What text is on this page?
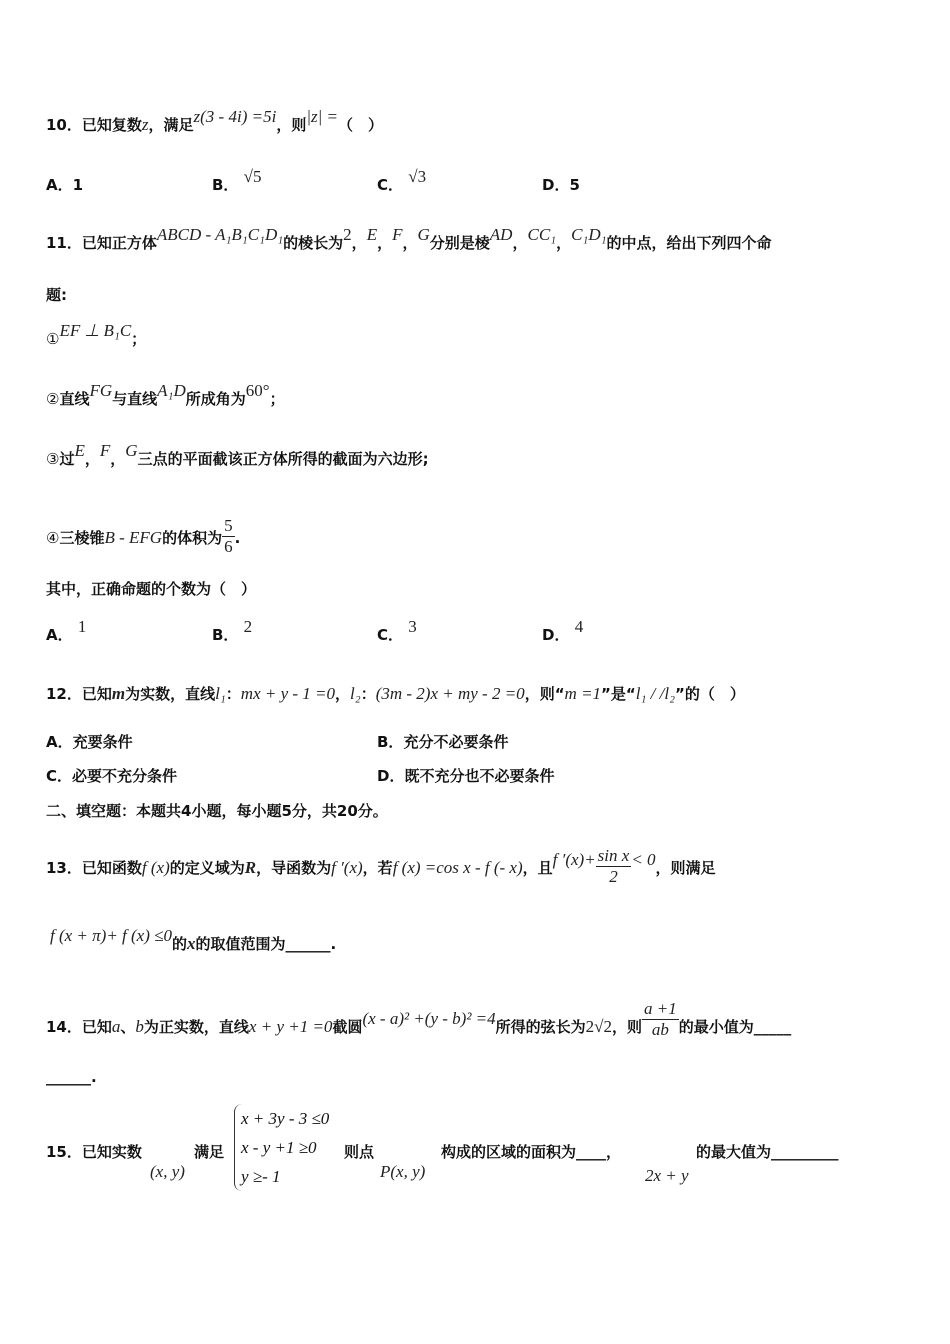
10．已知复数z，满足z(3 - 4i) =5i，则|z| =（　）
A．1	B． √5	C． √3	D．5
11．已知正方体ABCD - A₁B₁C₁D₁的棱长为2，E，F，G分别是棱AD，CC₁，C₁D₁的中点，给出下列四个命
题:
①EF ⊥ B₁C；
②直线FG与直线A₁D所成角为60°；
③过E，F，G三点的平面截该正方体所得的截面为六边形;
④三棱锥B - EFG的体积为 $\frac{5}{6}$ .
其中，正确命题的个数为（　）
A． 1	B． 2	C． 3	D． 4
12．已知m为实数，直线l₁：mx + y - 1 =0，l₂：(3m - 2)x + my - 2 =0，则“m =1”是“l₁ / /l₂”的（　）
A．充要条件	B．充分不必要条件
C．必要不充分条件	D．既不充分也不必要条件
二、填空题：本题共4小题，每小题5分，共20分。
13．已知函数f (x)的定义域为R，导函数为f ′(x)，若f (x) =cos x - f (- x)，且f $'(x)+ \frac{\text{sin x}}{2} < 0$，则满足
f (x + π)+ f (x) ≤0的x的取值范围为______.
14．已知a、b为正实数，直线x + y +1 =0截圆(x - a)² +(y - b)² =4所得的弦长为2√2，则 $\frac{a +1}{ab}$ 的最小值为_____
______.
15．已知实数	满足
(x, y)
x + 3y - 3 ≤0
x - y +1 ≥0
y ≥- 1
则点
P(x, y)
构成的区域的面积为____，
2x + y
的最大值为_________
